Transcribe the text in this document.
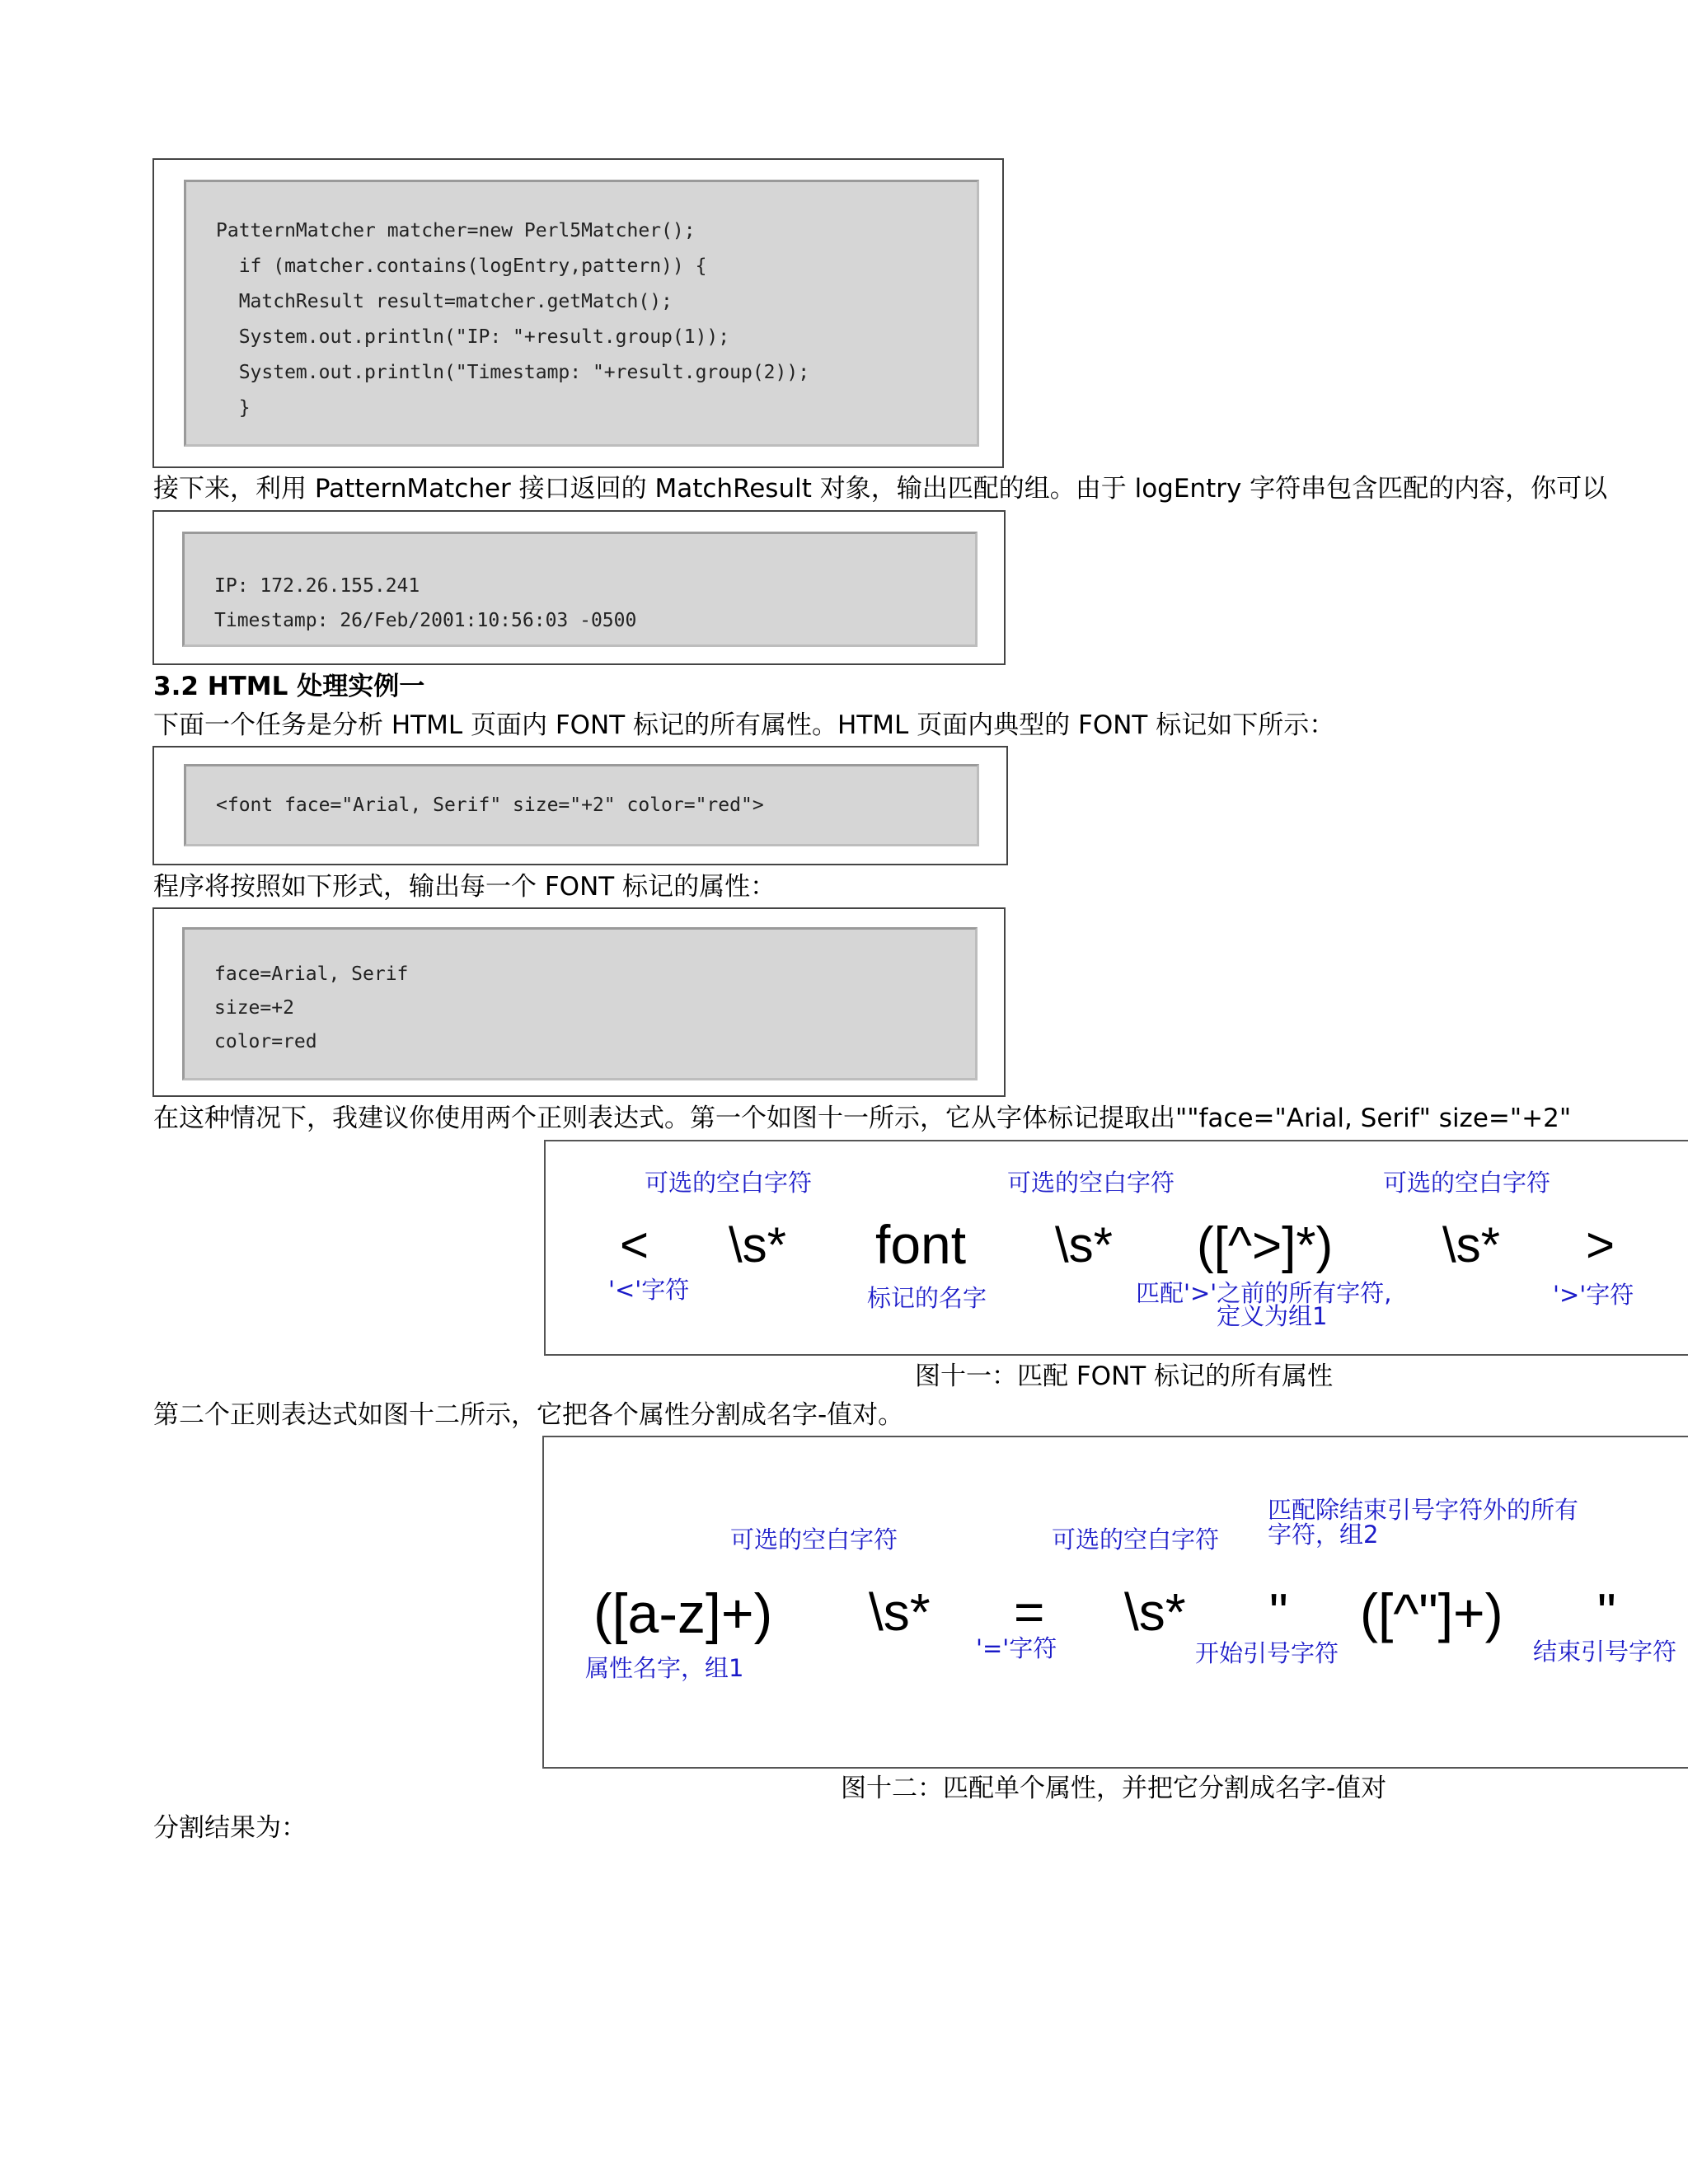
PatternMatcher matcher=new Perl5Matcher();
if (matcher.contains(logEntry,pattern)) {
MatchResult result=matcher.getMatch();
System.out.println("IP: "+result.group(1));
System.out.println("Timestamp: "+result.group(2));
}
接下来，利用 PatternMatcher 接口返回的 MatchResult 对象，输出匹配的组。由于 logEntry 字符串包含匹配的内容，你可以
IP: 172.26.155.241
Timestamp: 26/Feb/2001:10:56:03 -0500
3.2 HTML 处理实例一
下面一个任务是分析 HTML 页面内 FONT 标记的所有属性。HTML 页面内典型的 FONT 标记如下所示：
<font face="Arial, Serif" size="+2" color="red">
程序将按照如下形式，输出每一个 FONT 标记的属性：
face=Arial, Serif
size=+2
color=red
在这种情况下，我建议你使用两个正则表达式。第一个如图十一所示，它从字体标记提取出""face="Arial, Serif" size="+2"
可选的空白字符	可选的空白字符	可选的空白字符
< \s* font \s* ([^>]*) \s* >
'<'字符	标记的名字	匹配'>'之前的所有字符,
定义为组1
'>'字符
图十一：匹配 FONT 标记的所有属性
第二个正则表达式如图十二所示，它把各个属性分割成名字-值对。
匹配除结束引号字符外的所有
字符，组2
可选的空白字符	可选的空白字符
([a-z]+) \s* = \s* " ([^"]+) "
属性名字，组1
'='字符	开始引号字符	结束引号字符
图十二：匹配单个属性，并把它分割成名字-值对
分割结果为：
